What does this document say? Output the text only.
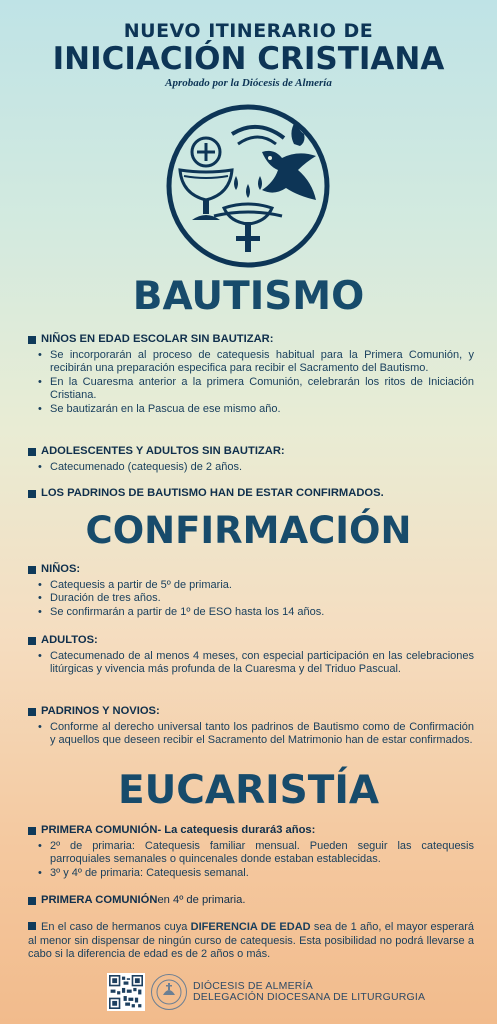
NUEVO ITINERARIO DE
INICIACIÓN CRISTIANA
Aprobado por la Diócesis de Almería
BAUTISMO
NIÑOS EN EDAD ESCOLAR SIN BAUTIZAR:
• Se incorporarán al proceso de catequesis habitual para la Primera Comunión, y recibirán una preparación especifica para recibir el Sacramento del Bautismo.
• En la Cuaresma anterior a la primera Comunión, celebrarán los ritos de Iniciación Cristiana.
• Se bautizarán en la Pascua de ese mismo año.
ADOLESCENTES Y ADULTOS SIN BAUTIZAR:
• Catecumenado (catequesis) de 2 años.
LOS PADRINOS DE BAUTISMO HAN DE ESTAR CONFIRMADOS.
CONFIRMACIÓN
NIÑOS:
• Catequesis a partir de 5º de primaria.
• Duración de tres años.
• Se confirmarán a partir de 1º de ESO hasta los 14 años.
ADULTOS:
• Catecumenado de al menos 4 meses, con especial participación en las celebraciones litúrgicas y vivencia más profunda de la Cuaresma y del Triduo Pascual.
PADRINOS Y NOVIOS:
• Conforme al derecho universal tanto los padrinos de Bautismo como de Confirmación y aquellos que deseen recibir el Sacramento del Matrimonio han de estar confirmados.
EUCARISTÍA
PRIMERA COMUNIÓN - La catequesis durará 3 años :
• 2º de primaria: Catequesis familiar mensual. Pueden seguir las catequesis parroquiales semanales o quincenales donde estaban establecidas.
• 3º y 4º de primaria: Catequesis semanal.
PRIMERA COMUNIÓN en 4º de primaria.
En el caso de hermanos cuya DIFERENCIA DE EDAD sea de 1 año, el mayor esperará al menor sin dispensar de ningún curso de catequesis. Esta posibilidad no podrá llevarse a cabo si la diferencia de edad es de 2 años o más.
DIÓCESIS DE ALMERÍA
DELEGACIÓN DIOCESANA DE LITURGURGIA
